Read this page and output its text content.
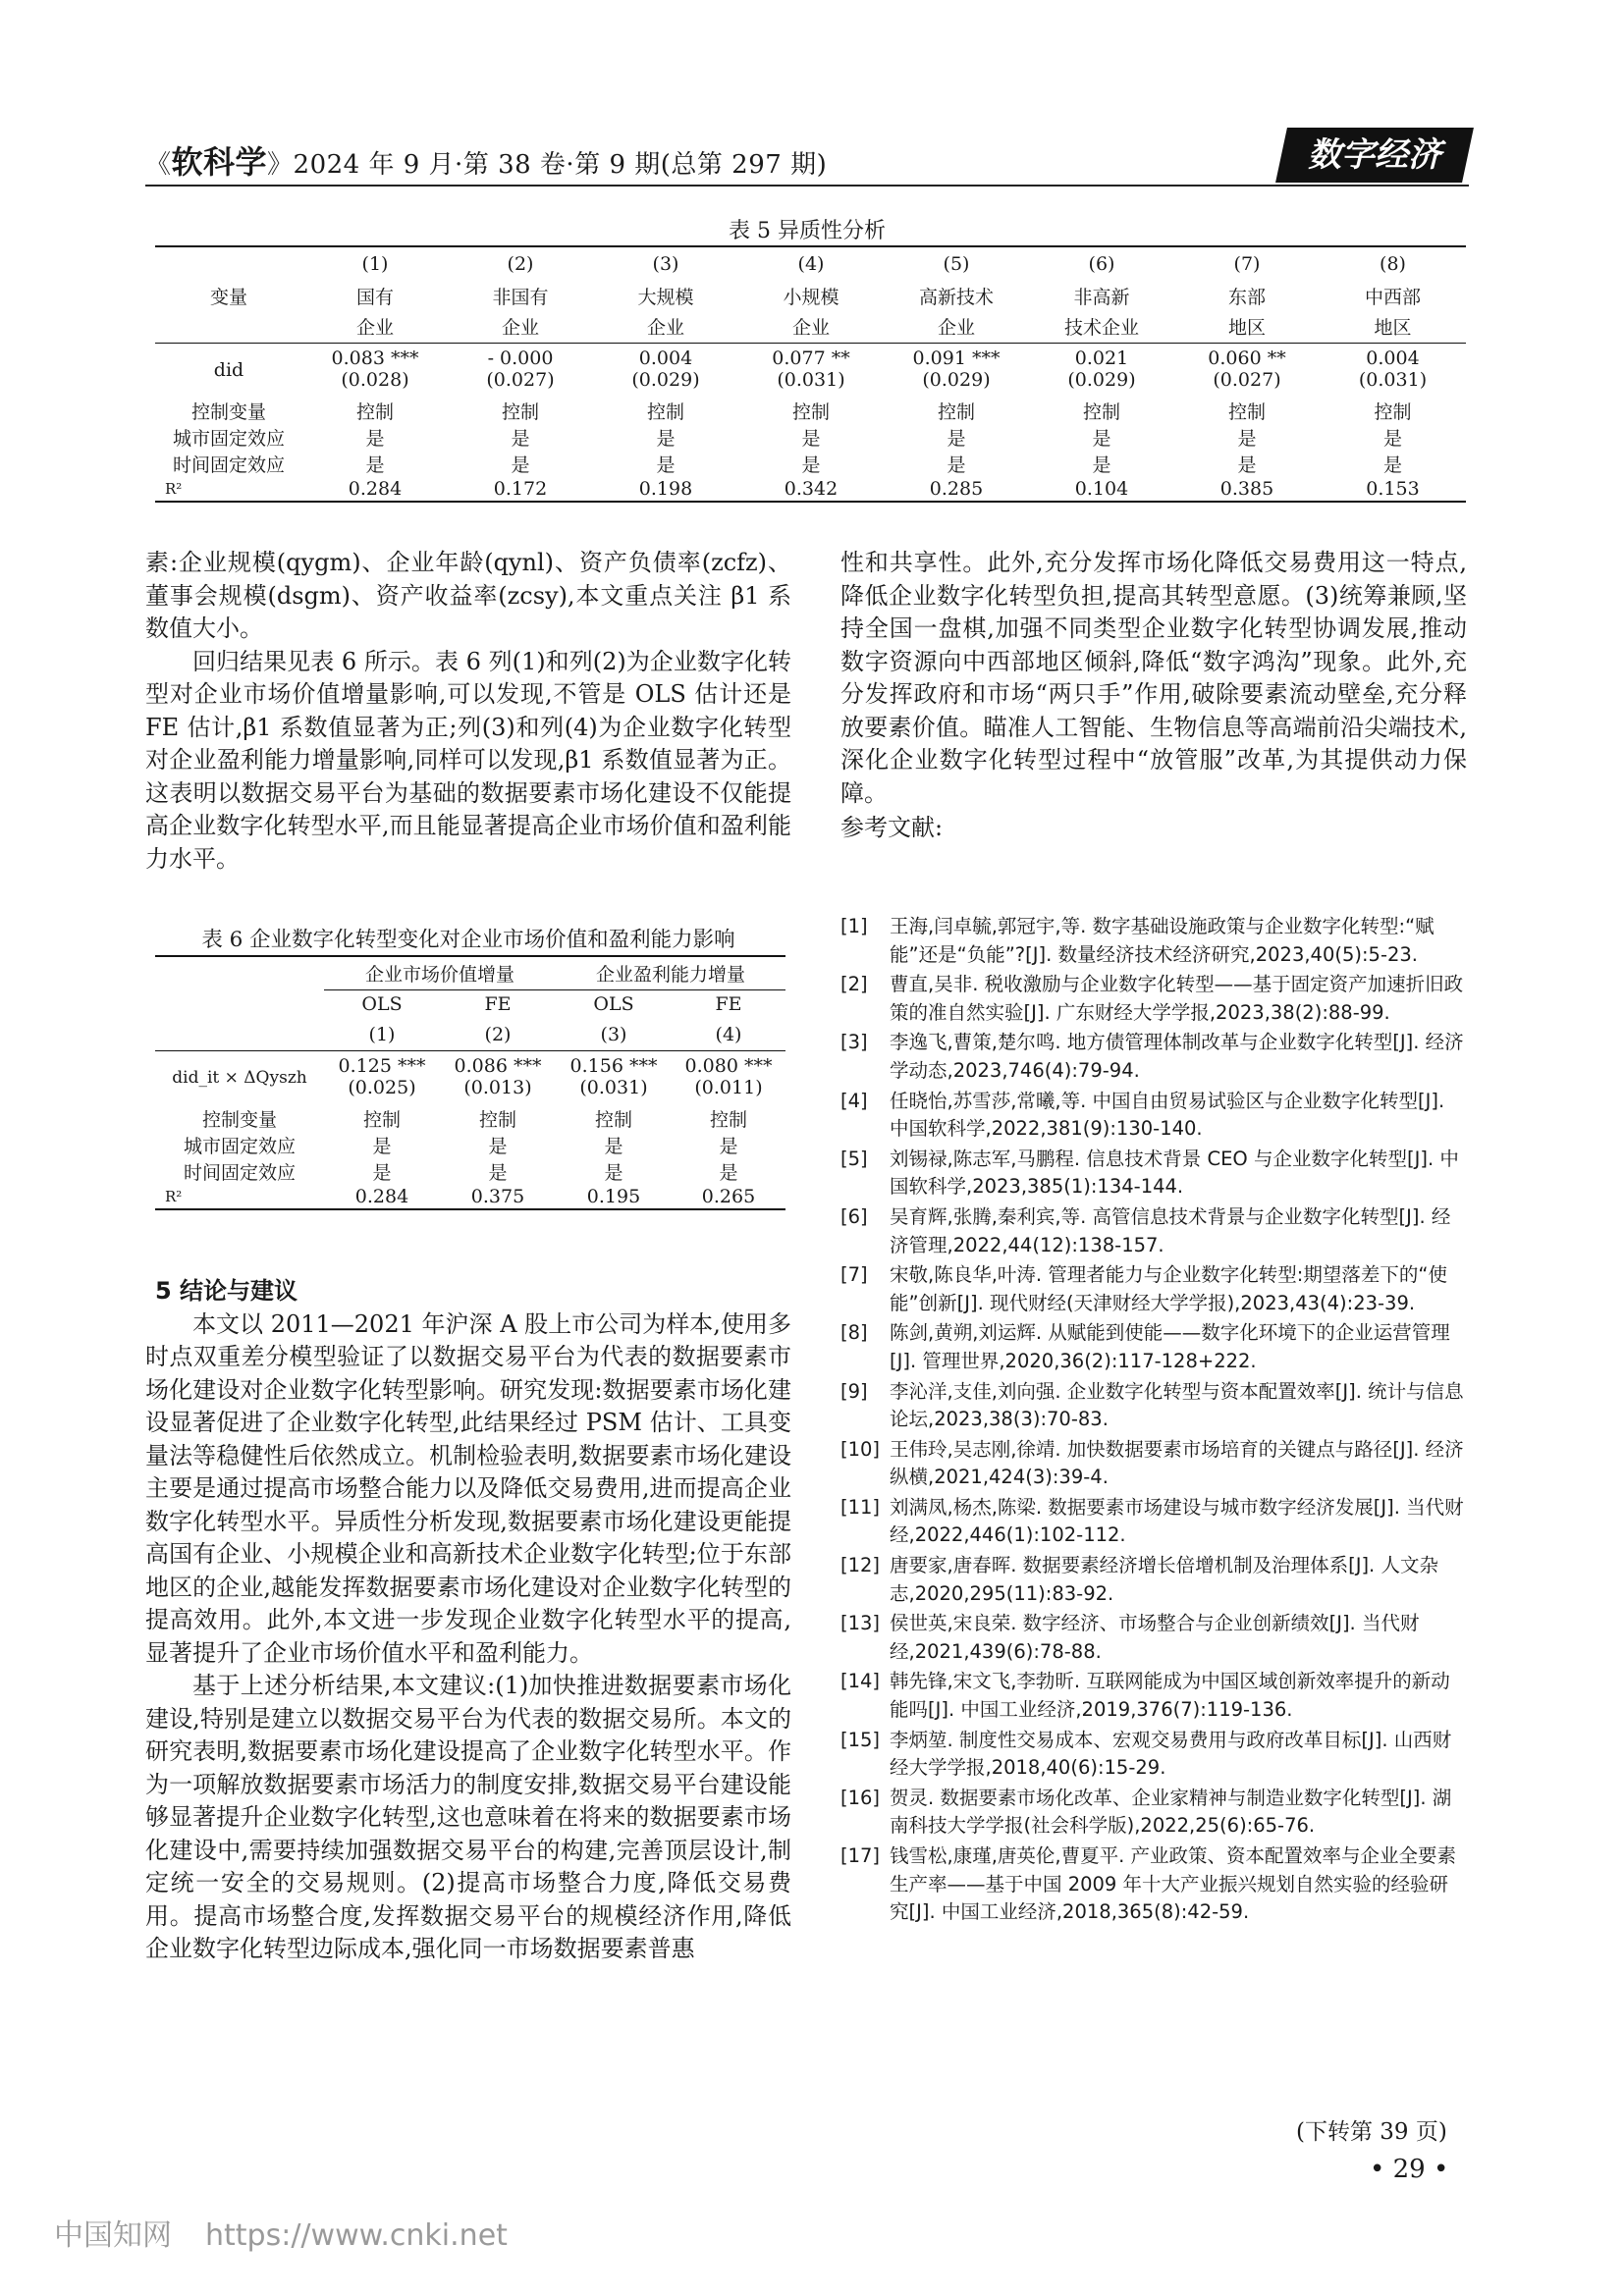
《软科学》2024 年 9 月·第 38 卷·第 9 期(总第 297 期)	数字经济
表 5 异质性分析
	(1)	(2)	(3)	(4)	(5)	(6)	(7)	(8)
变量	国有	非国有	大规模	小规模	高新技术	非高新	东部	中西部
	企业	企业	企业	企业	企业	技术企业	地区	地区
did	0.083 ***	- 0.000	0.004	0.077 **	0.091 ***	0.021	0.060 **	0.004
	(0.028)	(0.027)	(0.029)	(0.031)	(0.029)	(0.029)	(0.027)	(0.031)
控制变量	控制	控制	控制	控制	控制	控制	控制	控制
城市固定效应	是	是	是	是	是	是	是	是
时间固定效应	是	是	是	是	是	是	是	是
R²	0.284	0.172	0.198	0.342	0.285	0.104	0.385	0.153

素:企业规模(qygm)、企业年龄(qynl)、资产负债率(zcfz)、董事会规模(dsgm)、资产收益率(zcsy),本文重点关注 β1 系数值大小。

回归结果见表 6 所示。表 6 列(1)和列(2)为企业数字化转型对企业市场价值增量影响,可以发现,不管是 OLS 估计还是 FE 估计,β1 系数值显著为正;列(3)和列(4)为企业数字化转型对企业盈利能力增量影响,同样可以发现,β1 系数值显著为正。这表明以数据交易平台为基础的数据要素市场化建设不仅能提高企业数字化转型水平,而且能显著提高企业市场价值和盈利能力水平。

表 6 企业数字化转型变化对企业市场价值和盈利能力影响
	企业市场价值增量		企业盈利能力增量	
	OLS	FE	OLS	FE
	(1)	(2)	(3)	(4)
did_it × ΔQyszh	0.125 ***	0.086 ***	0.156 ***	0.080 ***
	(0.025)	(0.013)	(0.031)	(0.011)
控制变量	控制	控制	控制	控制
城市固定效应	是	是	是	是
时间固定效应	是	是	是	是
R²	0.284	0.375	0.195	0.265

5 结论与建议

本文以 2011—2021 年沪深 A 股上市公司为样本,使用多时点双重差分模型验证了以数据交易平台为代表的数据要素市场化建设对企业数字化转型影响。研究发现:数据要素市场化建设显著促进了企业数字化转型,此结果经过 PSM 估计、工具变量法等稳健性后依然成立。机制检验表明,数据要素市场化建设主要是通过提高市场整合能力以及降低交易费用,进而提高企业数字化转型水平。异质性分析发现,数据要素市场化建设更能提高国有企业、小规模企业和高新技术企业数字化转型;位于东部地区的企业,越能发挥数据要素市场化建设对企业数字化转型的提高效用。此外,本文进一步发现企业数字化转型水平的提高,显著提升了企业市场价值水平和盈利能力。

基于上述分析结果,本文建议:(1)加快推进数据要素市场化建设,特别是建立以数据交易平台为代表的数据交易所。本文的研究表明,数据要素市场化建设提高了企业数字化转型水平。作为一项解放数据要素市场活力的制度安排,数据交易平台建设能够显著提升企业数字化转型,这也意味着在将来的数据要素市场化建设中,需要持续加强数据交易平台的构建,完善顶层设计,制定统一安全的交易规则。(2)提高市场整合力度,降低交易费用。提高市场整合度,发挥数据交易平台的规模经济作用,降低企业数字化转型边际成本,强化同一市场数据要素普惠

性和共享性。此外,充分发挥市场化降低交易费用这一特点,降低企业数字化转型负担,提高其转型意愿。(3)统筹兼顾,坚持全国一盘棋,加强不同类型企业数字化转型协调发展,推动数字资源向中西部地区倾斜,降低“数字鸿沟”现象。此外,充分发挥政府和市场“两只手”作用,破除要素流动壁垒,充分释放要素价值。瞄准人工智能、生物信息等高端前沿尖端技术,深化企业数字化转型过程中“放管服”改革,为其提供动力保障。

参考文献:

[1] 王海,闫卓毓,郭冠宇,等. 数字基础设施政策与企业数字化转型:“赋能”还是“负能”?[J]. 数量经济技术经济研究,2023,40(5):5-23.
[2] 曹直,吴非. 税收激励与企业数字化转型——基于固定资产加速折旧政策的准自然实验[J]. 广东财经大学学报,2023,38(2):88-99.
[3] 李逸飞,曹策,楚尔鸣. 地方债管理体制改革与企业数字化转型[J]. 经济学动态,2023,746(4):79-94.
[4] 任晓怡,苏雪莎,常曦,等. 中国自由贸易试验区与企业数字化转型[J]. 中国软科学,2022,381(9):130-140.
[5] 刘锡禄,陈志军,马鹏程. 信息技术背景 CEO 与企业数字化转型[J]. 中国软科学,2023,385(1):134-144.
[6] 吴育辉,张腾,秦利宾,等. 高管信息技术背景与企业数字化转型[J]. 经济管理,2022,44(12):138-157.
[7] 宋敬,陈良华,叶涛. 管理者能力与企业数字化转型:期望落差下的“使能”创新[J]. 现代财经(天津财经大学学报),2023,43(4):23-39.
[8] 陈剑,黄朔,刘运辉. 从赋能到使能——数字化环境下的企业运营管理[J]. 管理世界,2020,36(2):117-128+222.
[9] 李沁洋,支佳,刘向强. 企业数字化转型与资本配置效率[J]. 统计与信息论坛,2023,38(3):70-83.
[10] 王伟玲,吴志刚,徐靖. 加快数据要素市场培育的关键点与路径[J]. 经济纵横,2021,424(3):39-4.
[11] 刘满凤,杨杰,陈梁. 数据要素市场建设与城市数字经济发展[J]. 当代财经,2022,446(1):102-112.
[12] 唐要家,唐春晖. 数据要素经济增长倍增机制及治理体系[J]. 人文杂志,2020,295(11):83-92.
[13] 侯世英,宋良荣. 数字经济、市场整合与企业创新绩效[J]. 当代财经,2021,439(6):78-88.
[14] 韩先锋,宋文飞,李勃昕. 互联网能成为中国区域创新效率提升的新动能吗[J]. 中国工业经济,2019,376(7):119-136.
[15] 李炳堃. 制度性交易成本、宏观交易费用与政府改革目标[J]. 山西财经大学学报,2018,40(6):15-29.
[16] 贺灵. 数据要素市场化改革、企业家精神与制造业数字化转型[J]. 湖南科技大学学报(社会科学版),2022,25(6):65-76.
[17] 钱雪松,康瑾,唐英伦,曹夏平. 产业政策、资本配置效率与企业全要素生产率——基于中国 2009 年十大产业振兴规划自然实验的经验研究[J]. 中国工业经济,2018,365(8):42-59.
(下转第 39 页)
• 29 •
中国知网 https://www.cnki.net
